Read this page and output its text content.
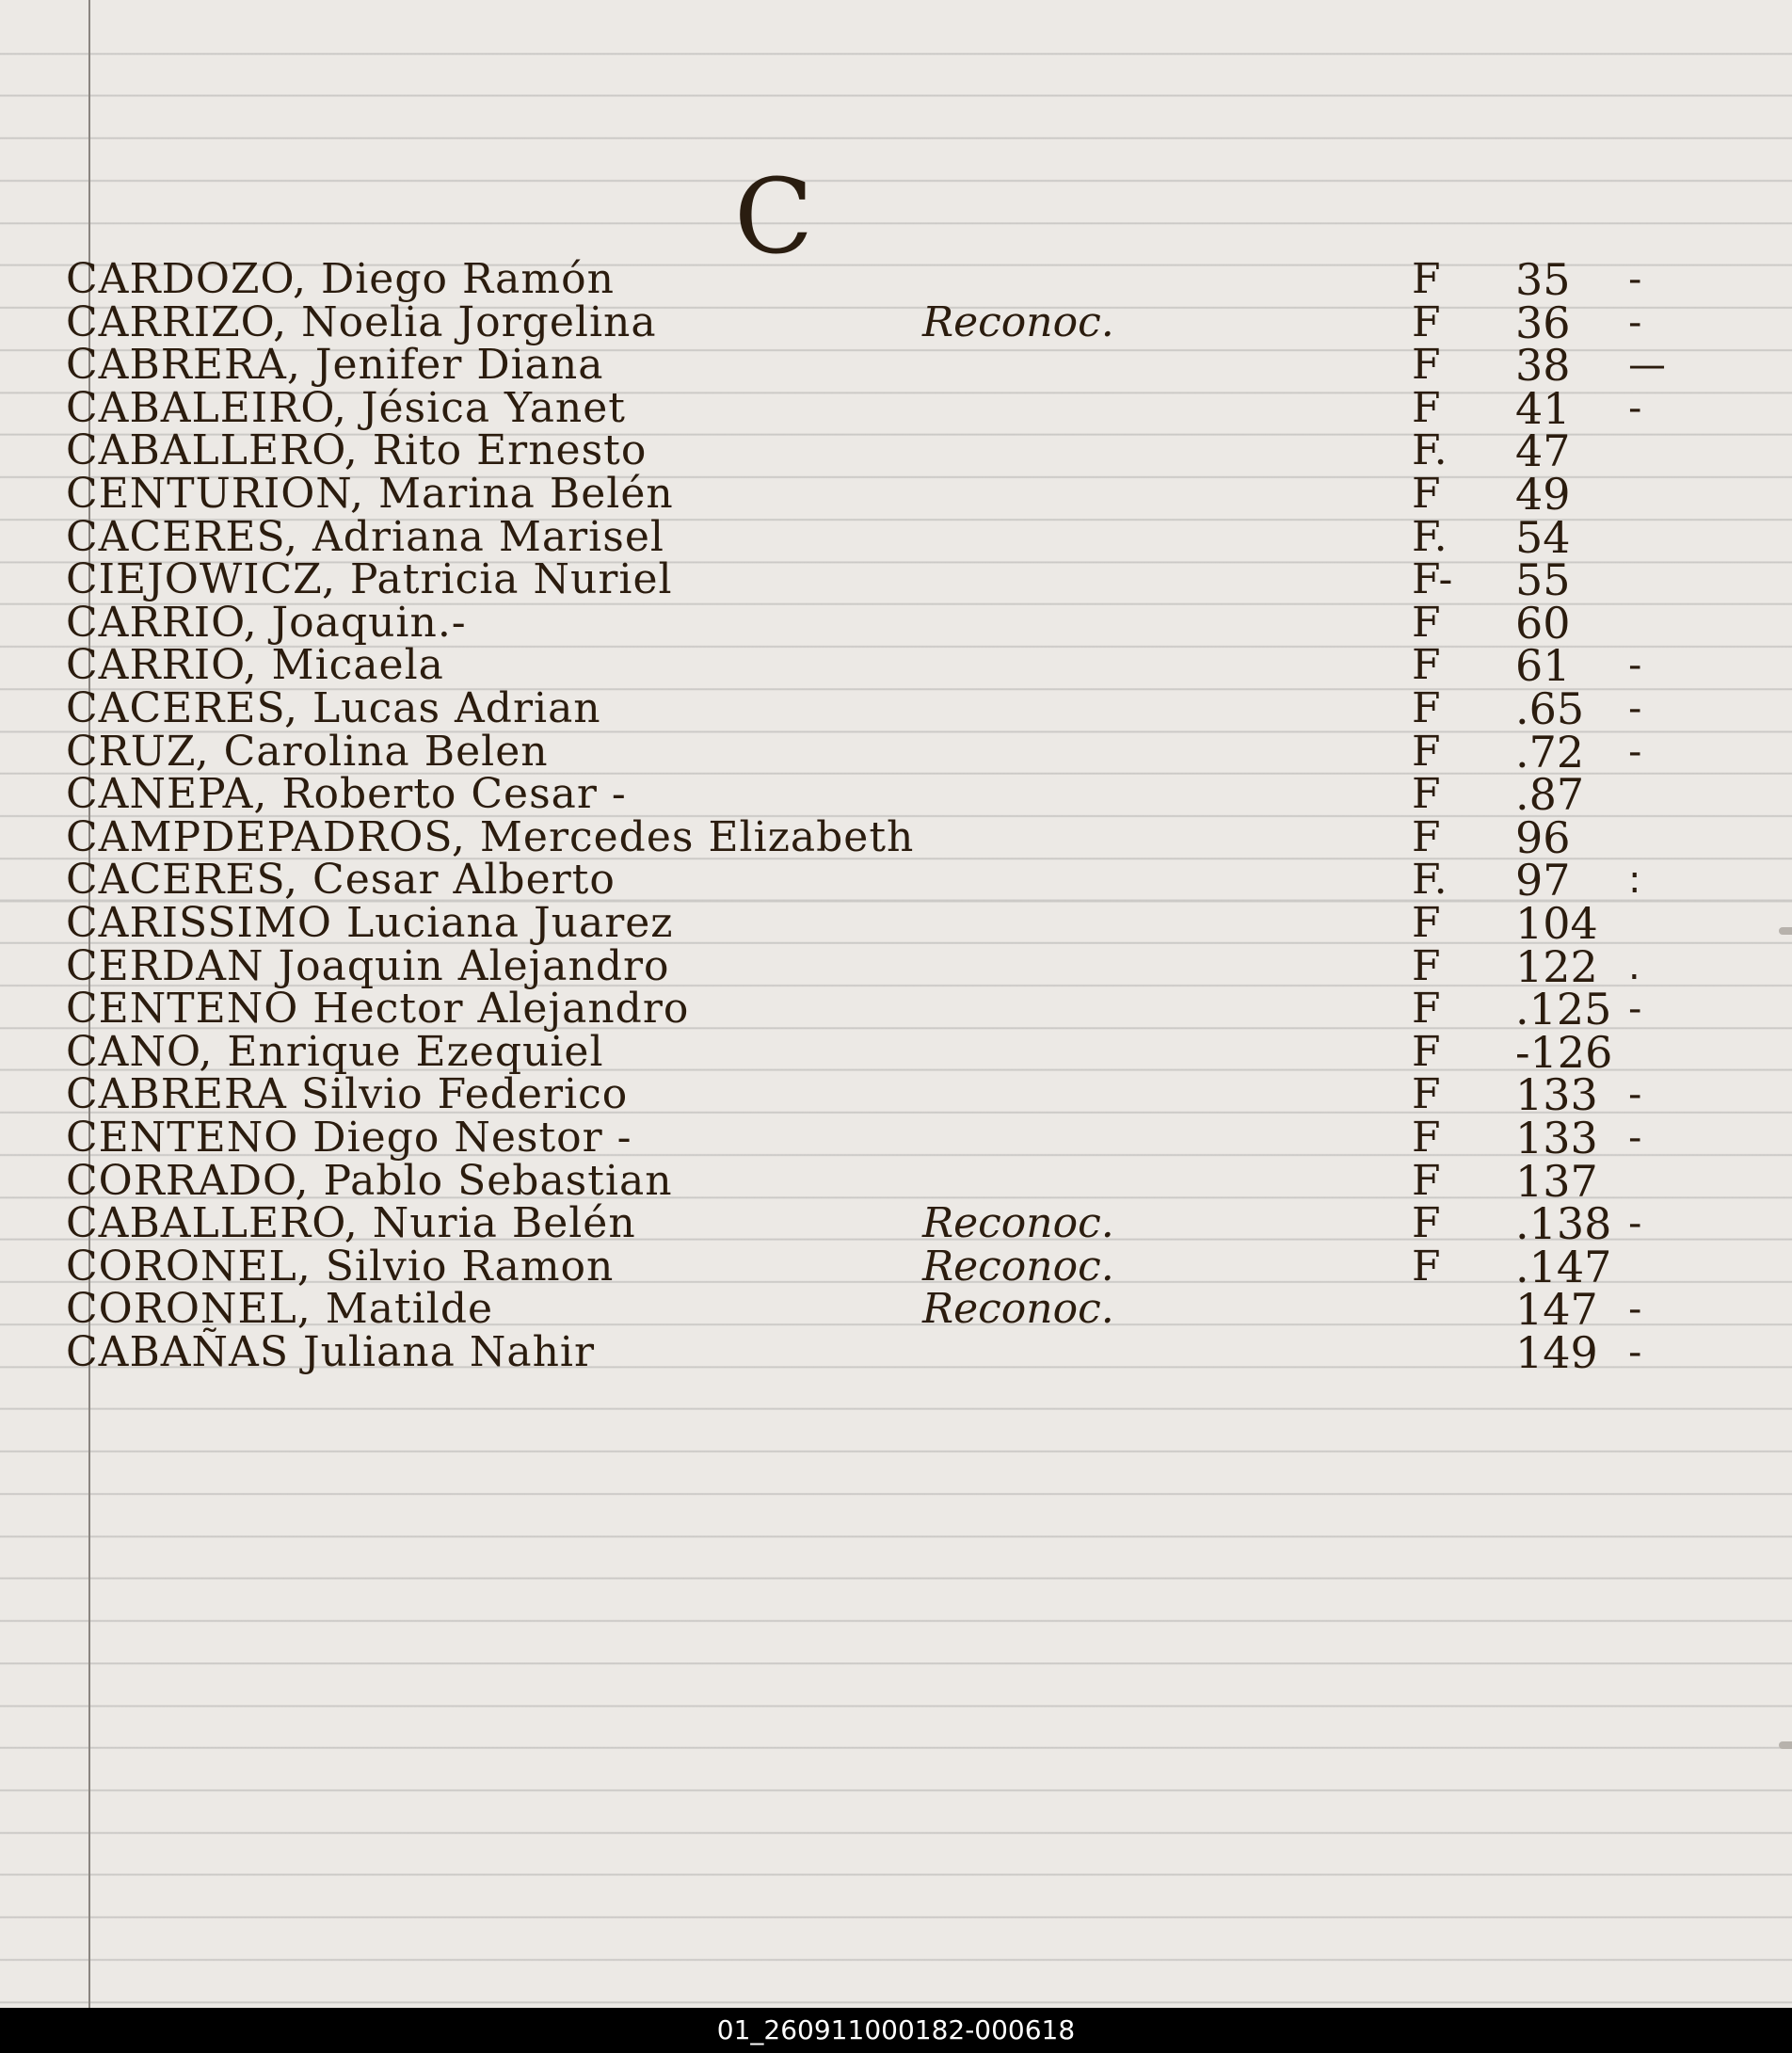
C
CARDOZO, Diego Ramón	F 35 -
CARRIZO, Noelia Jorgelina	Reconoc.	F 36 -
CABRERA, Jenifer Diana	F 38 —
CABALEIRO, Jésica Yanet	F 41 -
CABALLERO, Rito Ernesto	F. 47
CENTURION, Marina Belén	F 49
CACERES, Adriana Marisel	F. 54
CIEJOWICZ, Patricia Nuriel	F- 55
CARRIO, Joaquin.-	F 60
CARRIO, Micaela	F 61 -
CACERES, Lucas Adrian	F .65 -
CRUZ, Carolina Belen	F .72 -
CANEPA, Roberto Cesar -	F .87
CAMPDEPADROS, Mercedes Elizabeth	F 96
CACERES, Cesar Alberto	F. 97 :
CARISSIMO Luciana Juarez	F 104
CERDAN Joaquin Alejandro	F 122 .
CENTENO Hector Alejandro	F .125 -
CANO, Enrique Ezequiel	F -126
CABRERA Silvio Federico	F 133 -
CENTENO Diego Nestor -	F 133 -
CORRADO, Pablo Sebastian	F 137
CABALLERO, Nuria Belén	Reconoc.	F .138 -
CORONEL, Silvio Ramon	Reconoc.	F .147
CORONEL, Matilde	Reconoc.	147 -
CABAÑAS Juliana Nahir	149 -
01_260911000182-000618
